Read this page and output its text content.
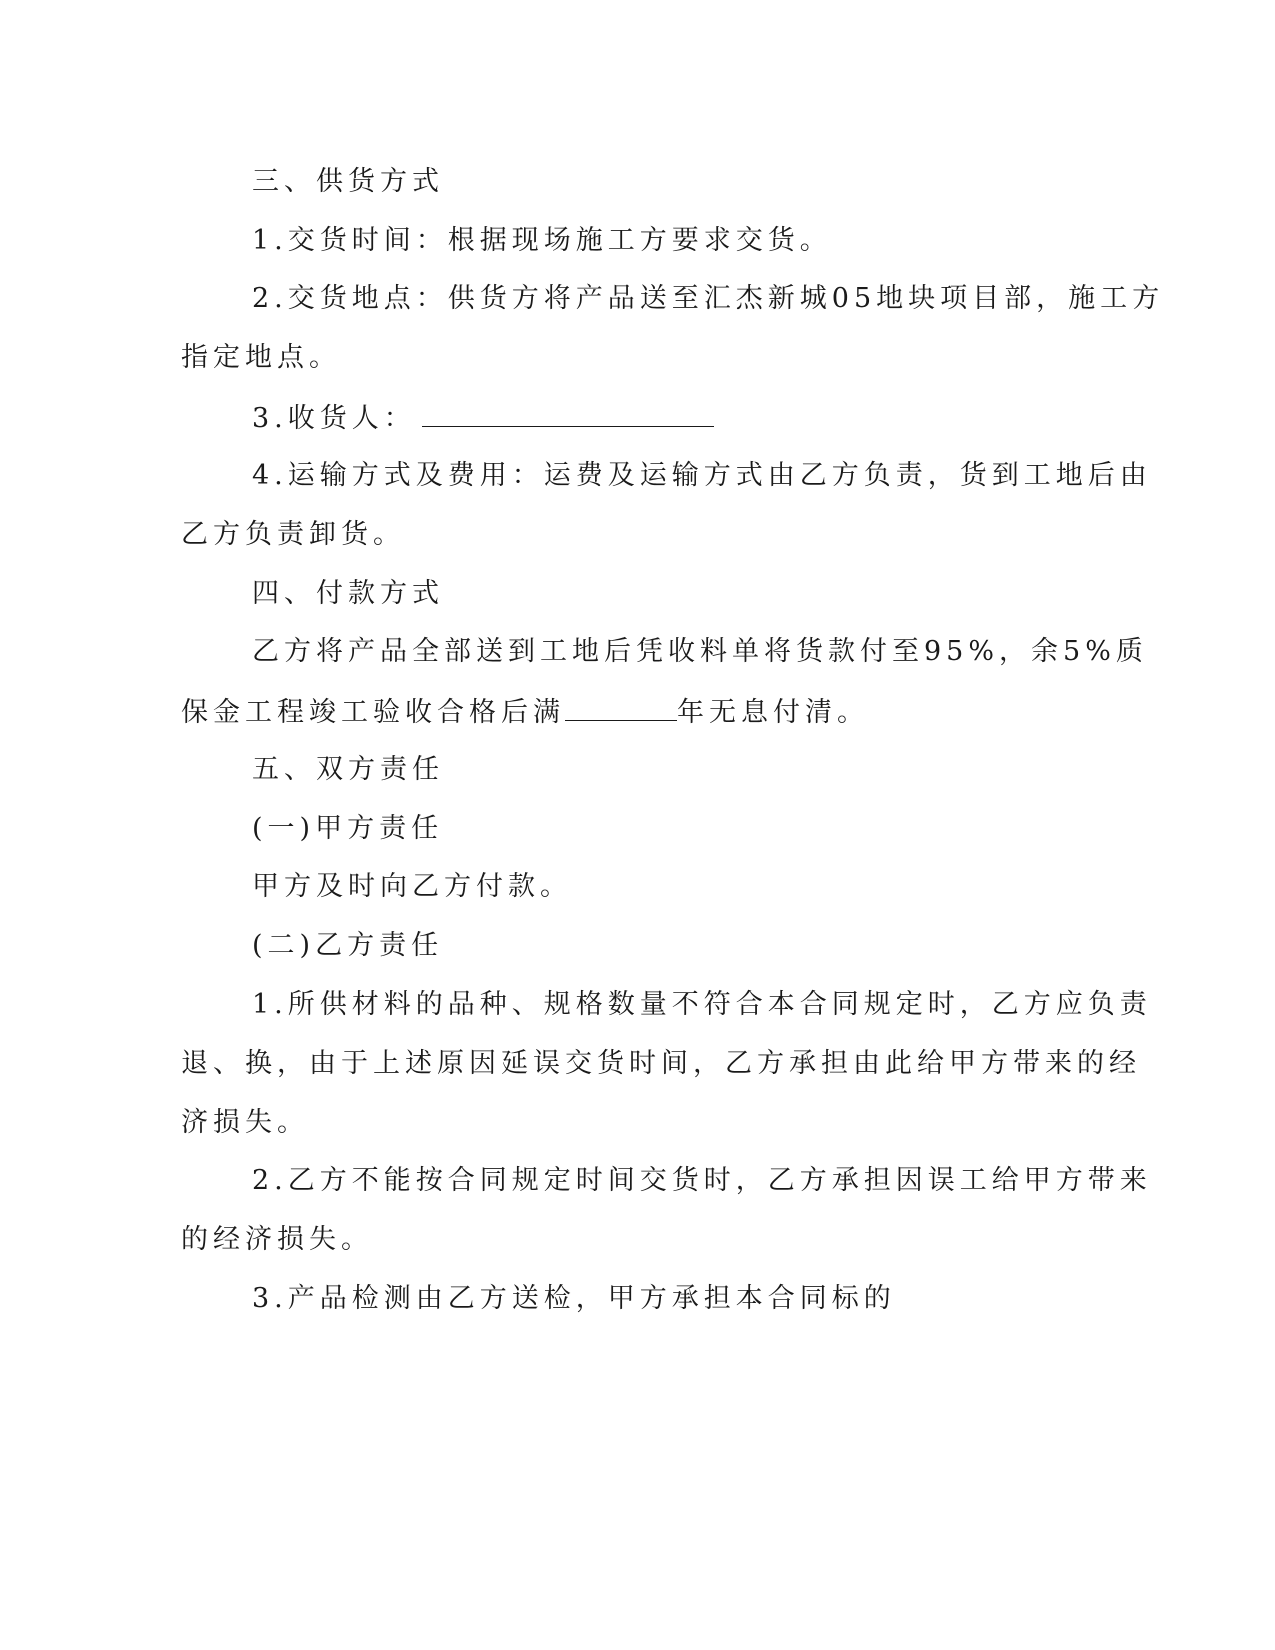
三、供货方式

1.交货时间：根据现场施工方要求交货。

2.交货地点：供货方将产品送至汇杰新城05地块项目部，施工方

指定地点。

3.收货人：

4.运输方式及费用：运费及运输方式由乙方负责，货到工地后由

乙方负责卸货。

四、付款方式

乙方将产品全部送到工地后凭收料单将货款付至95%，余5%质

保金工程竣工验收合格后满	年无息付清。

五、双方责任

(一)甲方责任

甲方及时向乙方付款。

(二)乙方责任

1.所供材料的品种、规格数量不符合本合同规定时，乙方应负责

退、换，由于上述原因延误交货时间，乙方承担由此给甲方带来的经

济损失。

2.乙方不能按合同规定时间交货时，乙方承担因误工给甲方带来

的经济损失。

3.产品检测由乙方送检，甲方承担本合同标的
